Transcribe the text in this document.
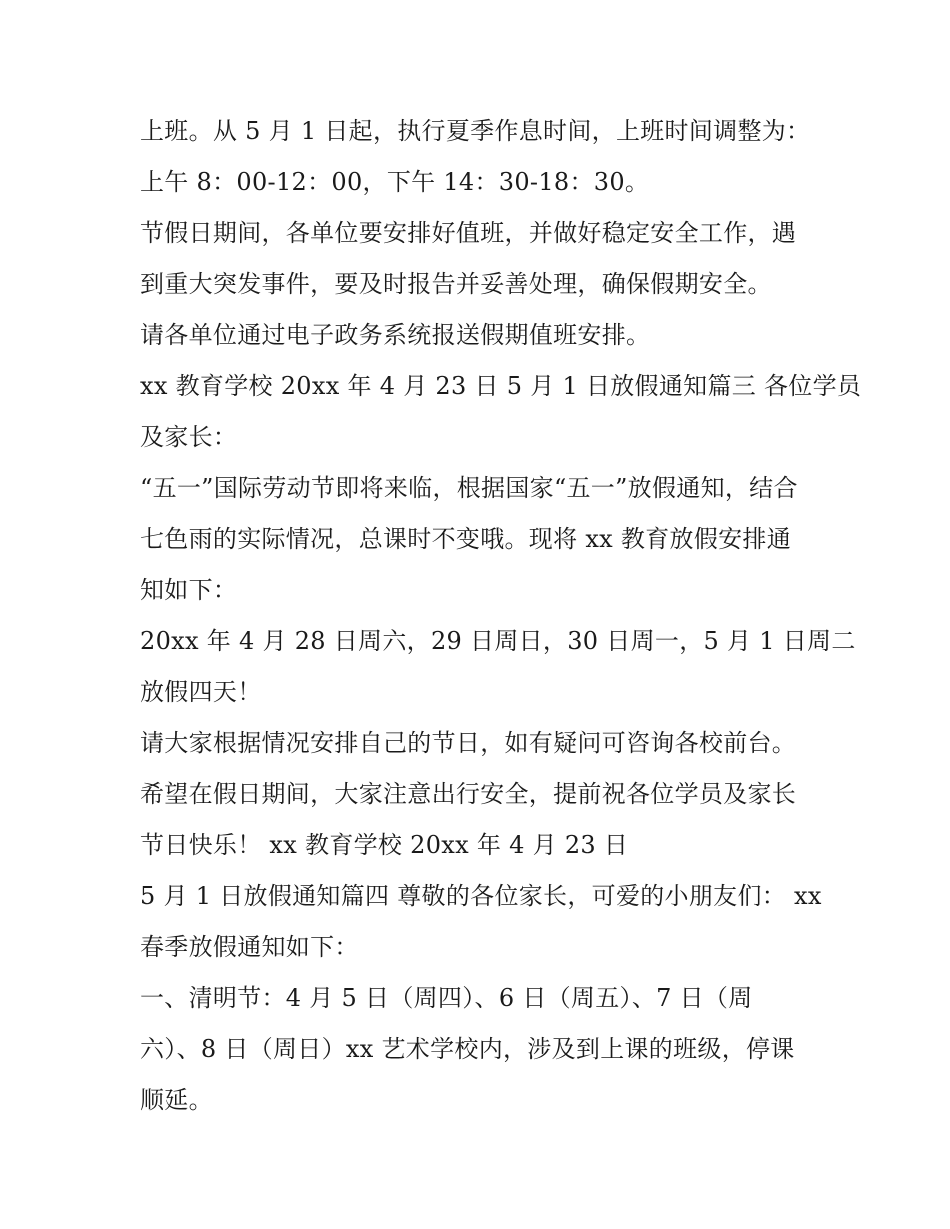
上班。从 5 月 1 日起，执行夏季作息时间，上班时间调整为：
上午 8：00-12：00，下午 14：30-18：30。
节假日期间，各单位要安排好值班，并做好稳定安全工作，遇
到重大突发事件，要及时报告并妥善处理，确保假期安全。
请各单位通过电子政务系统报送假期值班安排。
xx 教育学校 20xx 年 4 月 23 日 5 月 1 日放假通知篇三 各位学员
及家长：
“五一”国际劳动节即将来临，根据国家“五一”放假通知，结合
七色雨的实际情况，总课时不变哦。现将 xx 教育放假安排通
知如下：
20xx 年 4 月 28 日周六，29 日周日，30 日周一，5 月 1 日周二
放假四天！
请大家根据情况安排自己的节日，如有疑问可咨询各校前台。
希望在假日期间，大家注意出行安全，提前祝各位学员及家长
节日快乐！ xx 教育学校 20xx 年 4 月 23 日
5 月 1 日放假通知篇四 尊敬的各位家长，可爱的小朋友们： xx
春季放假通知如下：
一、清明节：4 月 5 日（周四）、6 日（周五）、7 日（周
六）、8 日（周日）xx 艺术学校内，涉及到上课的班级，停课
顺延。
